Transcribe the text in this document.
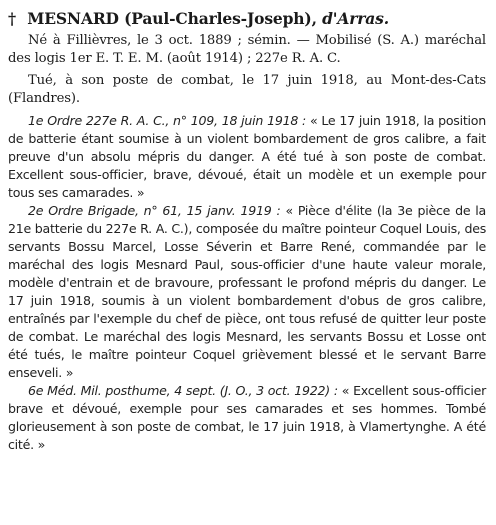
† MESNARD (Paul-Charles-Joseph), d'Arras.

Né à Fillièvres, le 3 oct. 1889 ; sémin. — Mobilisé (S. A.) maréchal des logis 1er E. T. E. M. (août 1914) ; 227e R. A. C.

Tué, à son poste de combat, le 17 juin 1918, au Mont-des-Cats (Flandres).

1e Ordre 227e R. A. C., n° 109, 18 juin 1918 : « Le 17 juin 1918, la position de batterie étant soumise à un violent bombardement de gros calibre, a fait preuve d'un absolu mépris du danger. A été tué à son poste de combat. Excellent sous-officier, brave, dévoué, était un modèle et un exemple pour tous ses camarades. »

2e Ordre Brigade, n° 61, 15 janv. 1919 : « Pièce d'élite (la 3e pièce de la 21e batterie du 227e R. A. C.), composée du maître pointeur Coquel Louis, des servants Bossu Marcel, Losse Séverin et Barre René, commandée par le maréchal des logis Mesnard Paul, sous-officier d'une haute valeur morale, modèle d'entrain et de bravoure, professant le profond mépris du danger. Le 17 juin 1918, soumis à un violent bombardement d'obus de gros calibre, entraînés par l'exemple du chef de pièce, ont tous refusé de quitter leur poste de combat. Le maréchal des logis Mesnard, les servants Bossu et Losse ont été tués, le maître pointeur Coquel grièvement blessé et le servant Barre enseveli. »

6e Méd. Mil. posthume, 4 sept. (J. O., 3 oct. 1922) : « Excellent sous-officier brave et dévoué, exemple pour ses camarades et ses hommes. Tombé glorieusement à son poste de combat, le 17 juin 1918, à Vlamertynghe. A été cité. »
